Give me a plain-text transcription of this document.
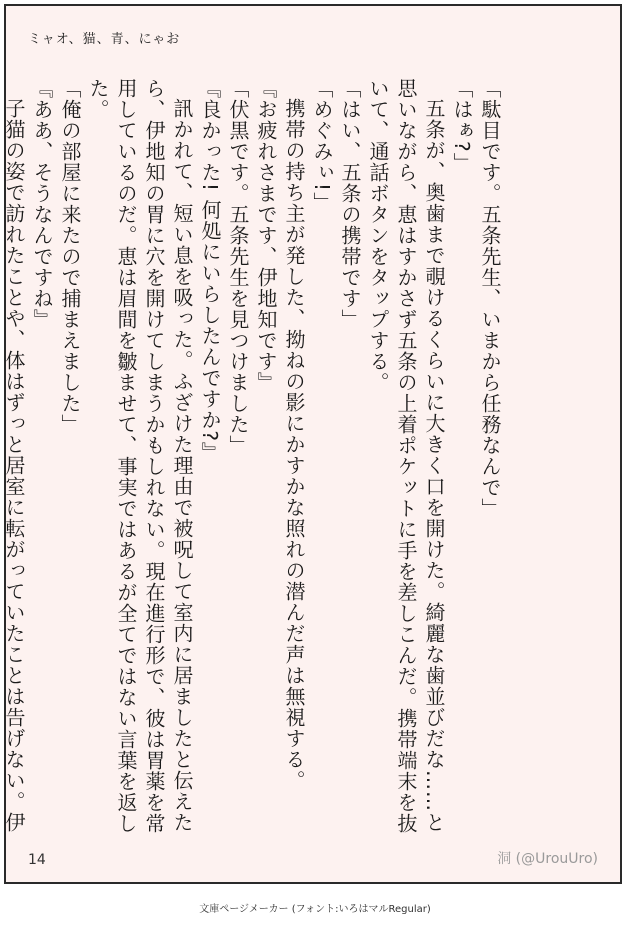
ミャオ、猫、青、にゃお

「駄目です。五条先生、いまから任務なんで」

「はぁ?」

五条が、奥歯まで覗けるくらいに大きく口を開けた。綺麗な歯並びだな……と思いながら、恵はすかさず五条の上着ポケットに手を差しこんだ。携帯端末を抜いて、通話ボタンをタップする。

「はい、五条の携帯です」

「めぐみぃ!」

携帯の持ち主が発した、拗ねの影にかすかな照れの潜んだ声は無視する。

『お疲れさまです、伊地知です』

「伏黒です。五条先生を見つけました」

『良かった! 何処にいらしたんですか?』

訊かれて、短い息を吸った。ふざけた理由で被呪して室内に居ましたと伝えたら、伊地知の胃に穴を開けてしまうかもしれない。現在進行形で、彼は胃薬を常用しているのだ。恵は眉間を皺ませて、事実ではあるが全てではない言葉を返した。

「俺の部屋に来たので捕まえました」

『ああ、そうなんですね』

子猫の姿で訪れたことや、体はずっと居室に転がっていたことは告げない。伊

14	洞 (@UrouUro)
文庫ページメーカー (フォント:いろはマルRegular)
